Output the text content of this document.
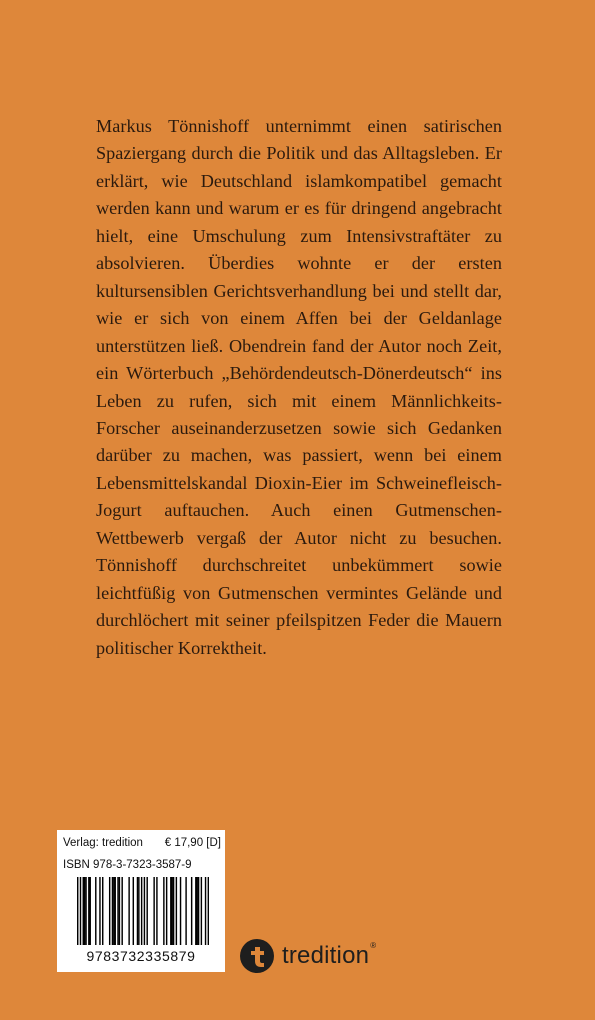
Markus Tönnishoff unternimmt einen satirischen Spaziergang durch die Politik und das Alltagsleben. Er erklärt, wie Deutschland islamkompatibel gemacht werden kann und warum er es für dringend angebracht hielt, eine Umschulung zum Intensivstraftäter zu absolvieren. Überdies wohnte er der ersten kultursensiblen Gerichtsverhandlung bei und stellt dar, wie er sich von einem Affen bei der Geldanlage unterstützen ließ. Obendrein fand der Autor noch Zeit, ein Wörterbuch „Behördendeutsch-Dönerdeutsch“ ins Leben zu rufen, sich mit einem Männlichkeits-Forscher auseinanderzusetzen sowie sich Gedanken darüber zu machen, was passiert, wenn bei einem Lebensmittelskandal Dioxin-Eier im Schweinefleisch-Jogurt auftauchen. Auch einen Gutmenschen-Wettbewerb vergaß der Autor nicht zu besuchen. Tönnishoff durchschreitet unbekümmert sowie leichtfüßig von Gutmenschen vermintes Gelände und durchlöchert mit seiner pfeilspitzen Feder die Mauern politischer Korrektheit.
Verlag: tredition € 17,90 [D]
ISBN 978-3-7323-3587-9
9783732335879	tredition®
